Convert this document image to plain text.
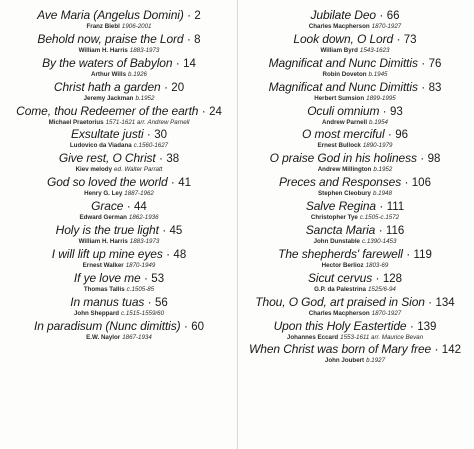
Ave Maria (Angelus Domini) · 2
Franz Biebl 1906-2001
Behold now, praise the Lord · 8
William H. Harris 1883-1973
By the waters of Babylon · 14
Arthur Wills b.1926
Christ hath a garden · 20
Jeremy Jackman b.1952
Come, thou Redeemer of the earth · 24
Michael Praetorius 1571-1621 arr. Andrew Parnell
Exsultate justi · 30
Ludovico da Viadana c.1560-1627
Give rest, O Christ · 38
Kiev melody ed. Walter Parratt
God so loved the world · 41
Henry G. Ley 1887-1962
Grace · 44
Edward German 1862-1936
Holy is the true light · 45
William H. Harris 1883-1973
I will lift up mine eyes · 48
Ernest Walker 1870-1949
If ye love me · 53
Thomas Tallis c.1505-85
In manus tuas · 56
John Sheppard c.1515-1559/60
In paradisum (Nunc dimittis) · 60
E.W. Naylor 1867-1934
Jubilate Deo · 66
Charles Macpherson 1870-1927
Look down, O Lord · 73
William Byrd 1543-1623
Magnificat and Nunc Dimittis · 76
Robin Doveton b.1945
Magnificat and Nunc Dimittis · 83
Herbert Sumsion 1899-1995
Oculi omnium · 93
Andrew Parnell b.1954
O most merciful · 96
Ernest Bullock 1890-1979
O praise God in his holiness · 98
Andrew Millington b.1952
Preces and Responses · 106
Stephen Cleobury b.1948
Salve Regina · 111
Christopher Tye c.1505-c.1572
Sancta Maria · 116
John Dunstable c.1390-1453
The shepherds' farewell · 119
Hector Berlioz 1803-69
Sicut cervus · 128
G.P. da Palestrina 1525/6-94
Thou, O God, art praised in Sion · 134
Charles Macpherson 1870-1927
Upon this Holy Eastertide · 139
Johannes Eccard 1553-1611 arr. Maurice Bevan
When Christ was born of Mary free · 142
John Joubert b.1927
